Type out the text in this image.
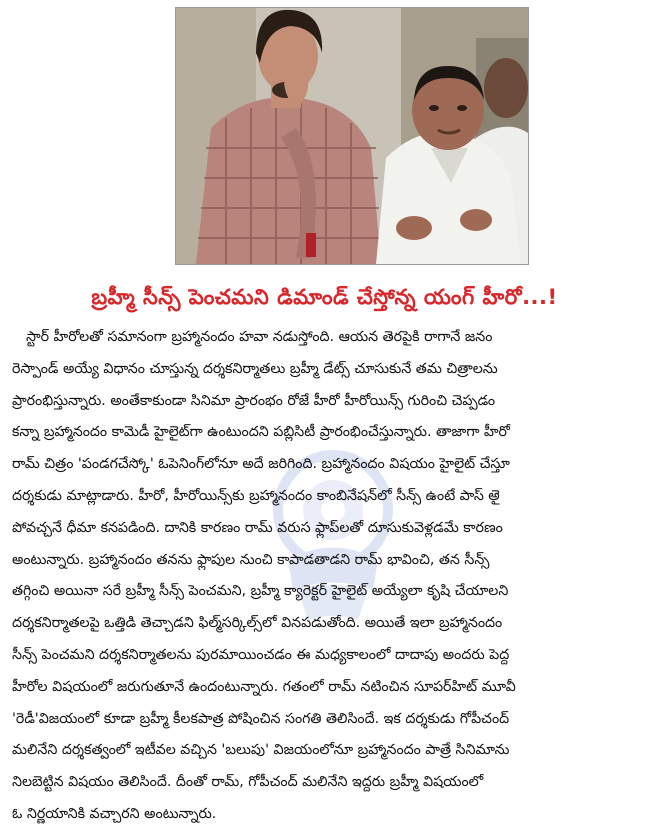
బ్రహ్మీ సీన్స్ పెంచమని డిమాండ్ చేస్తోన్న యంగ్ హీరో...!
స్టార్ హీరోలతో సమానంగా బ్రహ్మానందం హవా నడుస్తోంది. ఆయన తెరపైకి రాగానే జనం
రెస్పాండ్ అయ్యే విధానం చూస్తున్న దర్శకనిర్మాతలు బ్రహ్మీ డేట్స్ చూసుకునే తమ చిత్రాలను
ప్రారంభిస్తున్నారు. అంతేకాకుండా సినిమా ప్రారంభం రోజే హీరో హీరోయిన్స్ గురించి చెప్పడం
కన్నా బ్రహ్మానందం కామెడీ హైలైట్‌గా ఉంటుందని పబ్లిసిటీ ప్రారంభించేస్తున్నారు. తాజాగా హీరో
రామ్ చిత్రం 'పండగచేస్కో' ఓపెనింగ్‌లోనూ అదే జరిగింది. బ్రహ్మానందం విషయం హైలైట్ చేస్తూ
దర్శకుడు మాట్లాడారు. హీరో, హీరోయిన్స్‌కు బ్రహ్మానందం కాంబినేషన్‌లో సీన్స్ ఉంటే పాస్ అై
పోవచ్చనే ధీమా కనపడింది. దానికి కారణం రామ్ వరుస ఫ్లాప్‌లతో దూసుకువెళ్లడమే కారణం
అంటున్నారు. బ్రహ్మానందం తనను ఫ్లాపుల నుంచి కాపాడతాడని రామ్ భావించి, తన సీన్స్
తగ్గించి అయినా సరే బ్రహ్మీ సీన్స్ పెంచమని, బ్రహ్మీ క్యారెక్టర్ హైలైట్ అయ్యేలా కృషి చేయాలని
దర్శకనిర్మాతలపై ఒత్తిడి తెచ్చాడని ఫిల్మ్‌సర్కిల్స్‌లో వినపడుతోంది. అయితే ఇలా బ్రహ్మానందం
సీన్స్ పెంచమని దర్శకనిర్మాతలను పురమాయించడం ఈ మధ్యకాలంలో దాదాపు అందరు పెద్ద
హీరోల విషయంలో జరుగుతూనే ఉందంటున్నారు. గతంలో రామ్ నటించిన సూపర్‌హిట్ మూవీ
'రెడీ'విజయంలో కూడా బ్రహ్మీ కీలకపాత్ర పోషించిన సంగతి తెలిసిందే. ఇక దర్శకుడు గోపీచంద్
మలినేని దర్శకత్వంలో ఇటీవల వచ్చిన 'బలుపు' విజయంలోనూ బ్రహ్మానందం పాత్రే సినిమాను
నిలబెట్టిన విషయం తెలిసిందే. దీంతో రామ్, గోపీచంద్ మలినేని ఇద్దరు బ్రహ్మీ విషయంలో
ఓ నిర్ణయానికి వచ్చారని అంటున్నారు.
